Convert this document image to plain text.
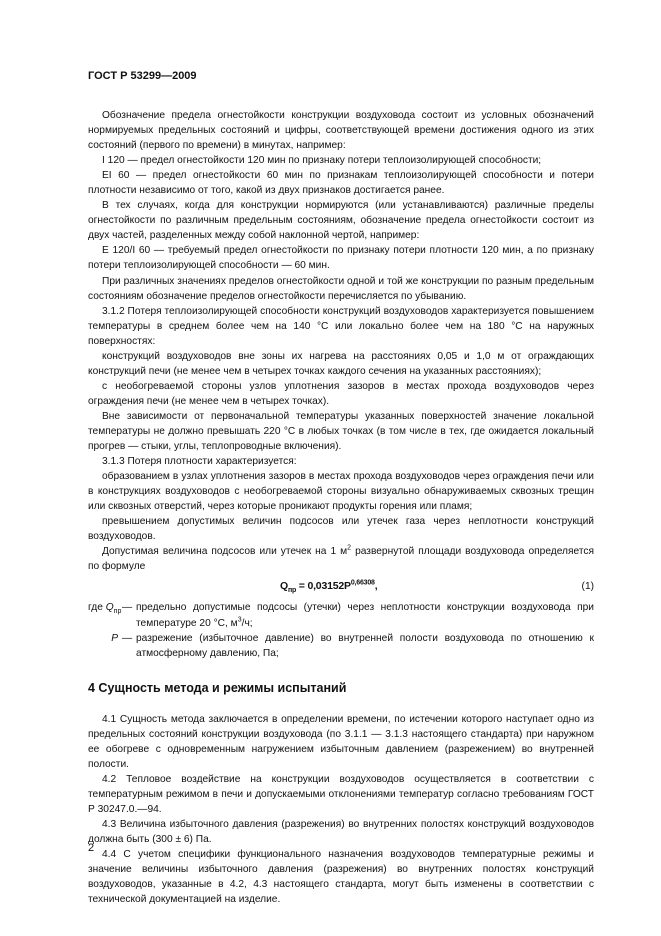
ГОСТ Р 53299—2009

Обозначение предела огнестойкости конструкции воздуховода состоит из условных обозначений нормируемых предельных состояний и цифры, соответствующей времени достижения одного из этих состояний (первого по времени) в минутах, например:

I 120 — предел огнестойкости 120 мин по признаку потери теплоизолирующей способности;

EI 60 — предел огнестойкости 60 мин по признакам теплоизолирующей способности и потери плотности независимо от того, какой из двух признаков достигается ранее.

В тех случаях, когда для конструкции нормируются (или устанавливаются) различные пределы огнестойкости по различным предельным состояниям, обозначение предела огнестойкости состоит из двух частей, разделенных между собой наклонной чертой, например:

E 120/I 60 — требуемый предел огнестойкости по признаку потери плотности 120 мин, а по признаку потери теплоизолирующей способности — 60 мин.

При различных значениях пределов огнестойкости одной и той же конструкции по разным предельным состояниям обозначение пределов огнестойкости перечисляется по убыванию.

3.1.2 Потеря теплоизолирующей способности конструкций воздуховодов характеризуется повышением температуры в среднем более чем на 140 °С или локально более чем на 180 °С на наружных поверхностях:

конструкций воздуховодов вне зоны их нагрева на расстояниях 0,05 и 1,0 м от ограждающих конструкций печи (не менее чем в четырех точках каждого сечения на указанных расстояниях);

с необогреваемой стороны узлов уплотнения зазоров в местах прохода воздуховодов через ограждения печи (не менее чем в четырех точках).

Вне зависимости от первоначальной температуры указанных поверхностей значение локальной температуры не должно превышать 220 °С в любых точках (в том числе в тех, где ожидается локальный прогрев — стыки, углы, теплопроводные включения).

3.1.3 Потеря плотности характеризуется:

образованием в узлах уплотнения зазоров в местах прохода воздуховодов через ограждения печи или в конструкциях воздуховодов с необогреваемой стороны визуально обнаруживаемых сквозных трещин или сквозных отверстий, через которые проникают продукты горения или пламя;

превышением допустимых величин подсосов или утечек газа через неплотности конструкций воздуховодов.

Допустимая величина подсосов или утечек на 1 $м^2$ развернутой площади воздуховода определяется по формуле

$Q_{пр} = 0,03152P^{0,66308}$,	(1)
где $Q_{пр}$ — предельно допустимые подсосы (утечки) через неплотности конструкции воздуховода при температуре 20 °С, $м^3/ч$;
P — разрежение (избыточное давление) во внутренней полости воздуховода по отношению к атмосферному давлению, Па;
4 Сущность метода и режимы испытаний

4.1 Сущность метода заключается в определении времени, по истечении которого наступает одно из предельных состояний конструкции воздуховода (по 3.1.1 — 3.1.3 настоящего стандарта) при наружном ее обогреве с одновременным нагружением избыточным давлением (разрежением) во внутренней полости.

4.2 Тепловое воздействие на конструкции воздуховодов осуществляется в соответствии с температурным режимом в печи и допускаемыми отклонениями температур согласно требованиям ГОСТ Р 30247.0.—94.

4.3 Величина избыточного давления (разрежения) во внутренних полостях конструкций воздуховодов должна быть (300 ± 6) Па.

4.4 С учетом специфики функционального назначения воздуховодов температурные режимы и значение величины избыточного давления (разрежения) во внутренних полостях конструкций воздуховодов, указанные в 4.2, 4.3 настоящего стандарта, могут быть изменены в соответствии с технической документацией на изделие.

2
